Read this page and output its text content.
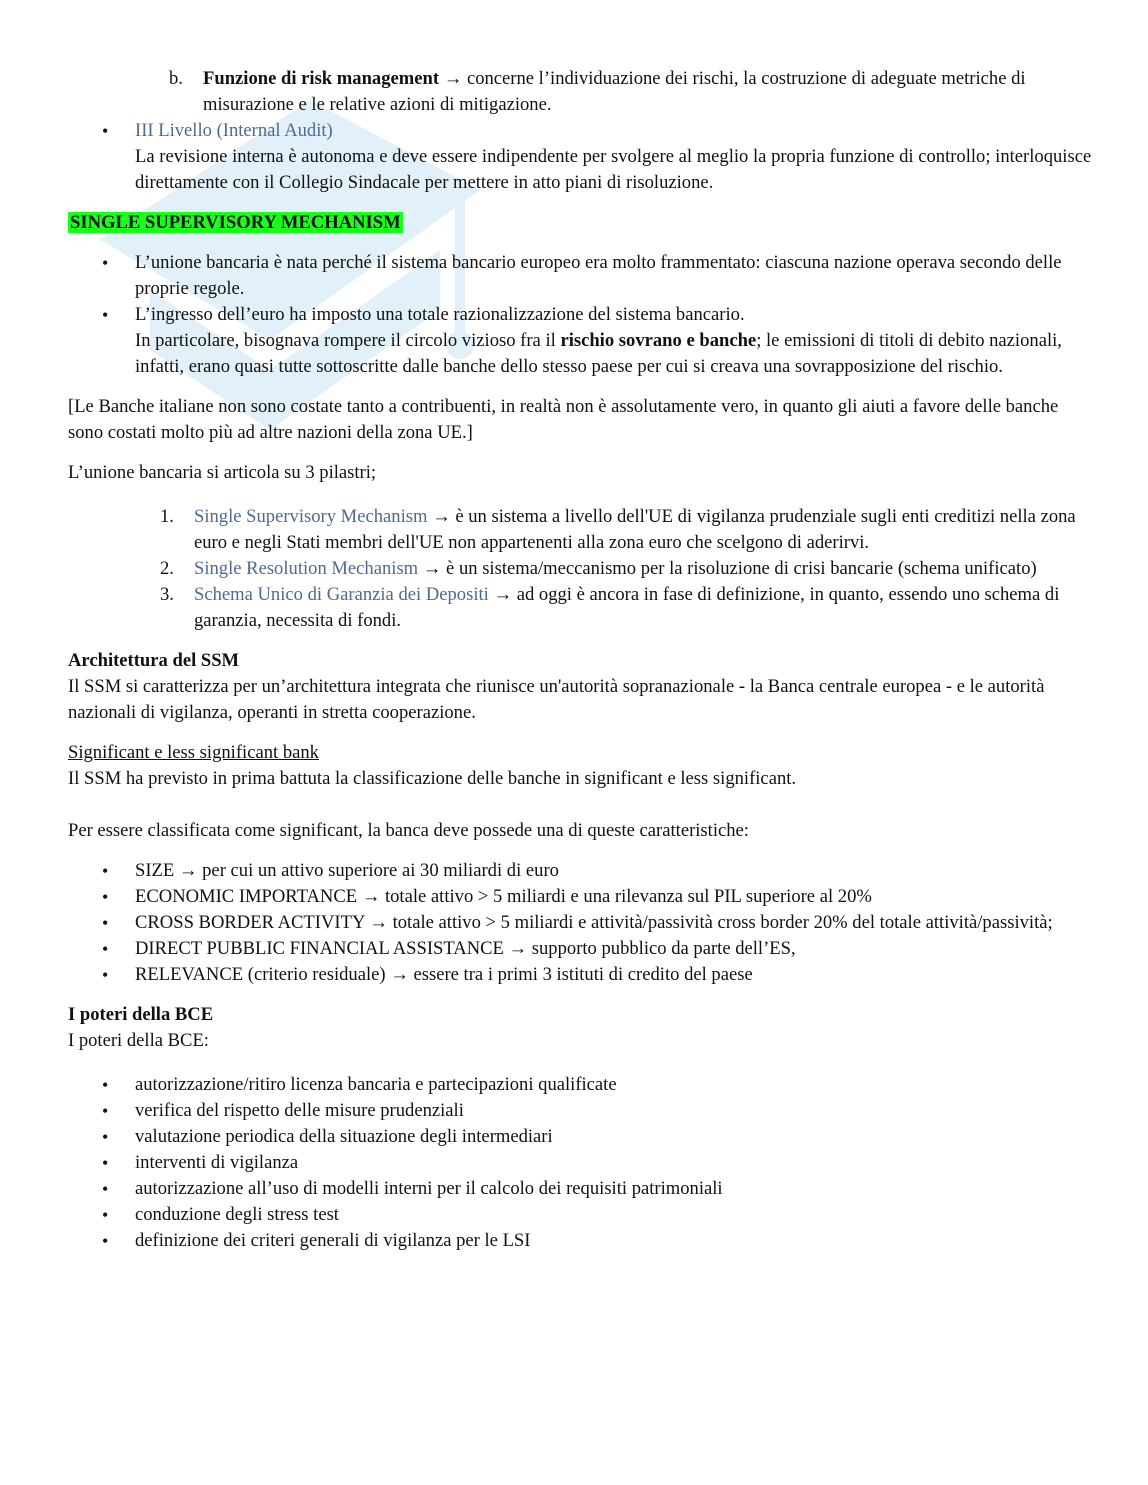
b. Funzione di risk management → concerne l’individuazione dei rischi, la costruzione di adeguate metriche di misurazione e le relative azioni di mitigazione.

• III Livello (Internal Audit)

La revisione interna è autonoma e deve essere indipendente per svolgere al meglio la propria funzione di controllo; interloquisce direttamente con il Collegio Sindacale per mettere in atto piani di risoluzione.

SINGLE SUPERVISORY MECHANISM

• L’unione bancaria è nata perché il sistema bancario europeo era molto frammentato: ciascuna nazione operava secondo delle proprie regole.

• L’ingresso dell’euro ha imposto una totale razionalizzazione del sistema bancario.

In particolare, bisognava rompere il circolo vizioso fra il rischio sovrano e banche; le emissioni di titoli di debito nazionali, infatti, erano quasi tutte sottoscritte dalle banche dello stesso paese per cui si creava una sovrapposizione del rischio.

[Le Banche italiane non sono costate tanto a contribuenti, in realtà non è assolutamente vero, in quanto gli aiuti a favore delle banche sono costati molto più ad altre nazioni della zona UE.]

L’unione bancaria si articola su 3 pilastri;

1. Single Supervisory Mechanism → è un sistema a livello dell'UE di vigilanza prudenziale sugli enti creditizi nella zona euro e negli Stati membri dell'UE non appartenenti alla zona euro che scelgono di aderirvi.
2. Single Resolution Mechanism → è un sistema/meccanismo per la risoluzione di crisi bancarie (schema unificato)
3. Schema Unico di Garanzia dei Depositi → ad oggi è ancora in fase di definizione, in quanto, essendo uno schema di garanzia, necessita di fondi.

Architettura del SSM

Il SSM si caratterizza per un’architettura integrata che riunisce un'autorità sopranazionale - la Banca centrale europea - e le autorità nazionali di vigilanza, operanti in stretta cooperazione.

Significant e less significant bank

Il SSM ha previsto in prima battuta la classificazione delle banche in significant e less significant.

Per essere classificata come significant, la banca deve possede una di queste caratteristiche:

• SIZE → per cui un attivo superiore ai 30 miliardi di euro
• ECONOMIC IMPORTANCE → totale attivo > 5 miliardi e una rilevanza sul PIL superiore al 20%
• CROSS BORDER ACTIVITY → totale attivo > 5 miliardi e attività/passività cross border 20% del totale attività/passività;
• DIRECT PUBBLIC FINANCIAL ASSISTANCE → supporto pubblico da parte dell’ES,
• RELEVANCE (criterio residuale) → essere tra i primi 3 istituti di credito del paese

I poteri della BCE

I poteri della BCE:

• autorizzazione/ritiro licenza bancaria e partecipazioni qualificate
• verifica del rispetto delle misure prudenziali
• valutazione periodica della situazione degli intermediari
• interventi di vigilanza
• autorizzazione all’uso di modelli interni per il calcolo dei requisiti patrimoniali
• conduzione degli stress test
• definizione dei criteri generali di vigilanza per le LSI
